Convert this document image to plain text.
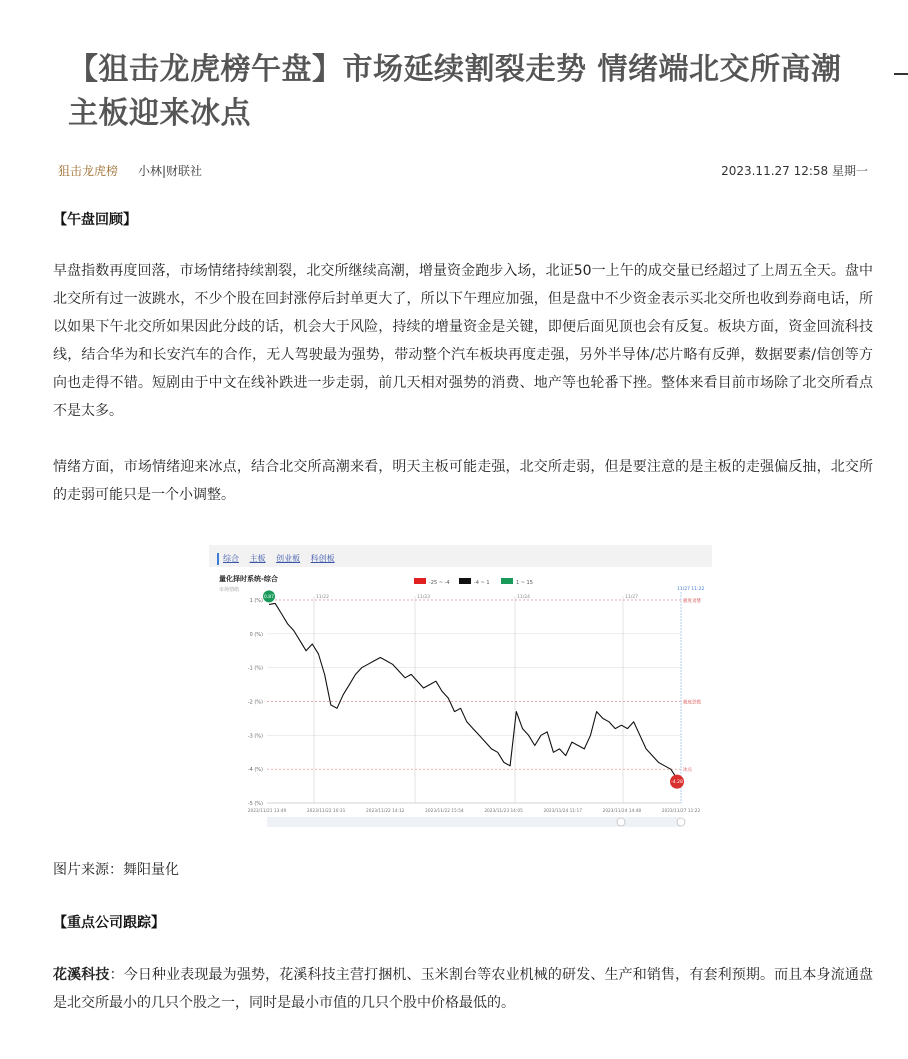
【狙击龙虎榜午盘】市场延续割裂走势 情绪端北交所高潮
主板迎来冰点
狙击龙虎榜 小林|财联社	2023.11.27 12:58 星期一

【午盘回顾】

早盘指数再度回落，市场情绪持续割裂，北交所继续高潮，增量资金跑步入场，北证50一上午的成交量已经超过了上周五全天。盘中北交所有过一波跳水，不少个股在回封涨停后封单更大了，所以下午理应加强，但是盘中不少资金表示买北交所也收到券商电话，所以如果下午北交所如果因此分歧的话，机会大于风险，持续的增量资金是关键，即便后面见顶也会有反复。板块方面，资金回流科技线，结合华为和长安汽车的合作，无人驾驶最为强势，带动整个汽车板块再度走强，另外半导体/芯片略有反弹，数据要素/信创等方向也走得不错。短剧由于中文在线补跌进一步走弱，前几天相对强势的消费、地产等也轮番下挫。整体来看目前市场除了北交所看点不是太多。

情绪方面，市场情绪迎来冰点，结合北交所高潮来看，明天主板可能走强，北交所走弱，但是要注意的是主板的走强偏反抽，北交所的走弱可能只是一个小调整。

综合 主板 创业板 科创板
量化择时系统-综合
市场情绪
-25 ~ -4	-4 ~ 1	1 ~ 15
1 (%)
0 (%)
-1 (%)
-2 (%)
-3 (%)
-4 (%)
-5 (%)
极度贪婪
极度恐慌
冰点
11/22	11/23	11/24	11/27
11/27 11:22
2023/11/21 13:49	2023/11/22 10:31	2023/11/22 14:12	2023/11/22 15:54	2023/11/23 14:05	2023/11/24 11:17	2023/11/24 14:48	2023/11/27 11:22
0.87
-4.28
图片来源：舞阳量化

【重点公司跟踪】

花溪科技：今日种业表现最为强势，花溪科技主营打捆机、玉米割台等农业机械的研发、生产和销售，有套利预期。而且本身流通盘是北交所最小的几只个股之一，同时是最小市值的几只个股中价格最低的。
